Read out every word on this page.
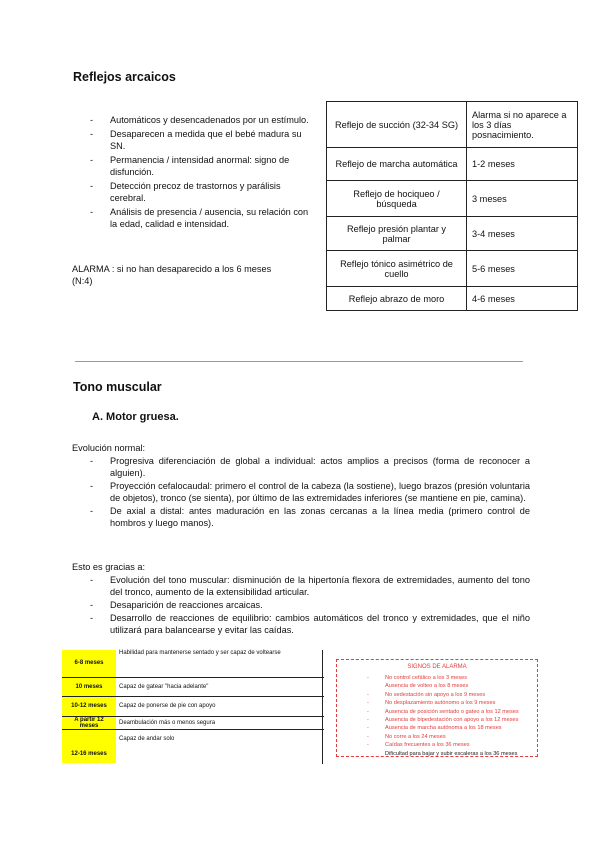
Reflejos arcaicos
- Automáticos y desencadenados por un estímulo.
- Desaparecen a medida que el bebé madura su SN.
- Permanencia / intensidad anormal: signo de disfunción.
- Detección precoz de trastornos y parálisis cerebral.
- Análisis de presencia / ausencia, su relación con la edad, calidad e intensidad.
ALARMA : si no han desaparecido a los 6 meses
(N:4)
Reflejo de succión (32-34 SG)	Alarma si no aparece a los 3 días posnacimiento.
Reflejo de marcha automática	1-2 meses
Reflejo de hociqueo / búsqueda	3 meses
Reflejo presión plantar y palmar	3-4 meses
Reflejo tónico asimétrico de cuello	5-6 meses
Reflejo abrazo de moro	4-6 meses
Tono muscular
A. Motor gruesa.
Evolución normal:
- Progresiva diferenciación de global a individual: actos amplios a precisos (forma de reconocer a alguien).
- Proyección cefalocaudal: primero el control de la cabeza (la sostiene), luego brazos (presión voluntaria de objetos), tronco (se sienta), por último de las extremidades inferiores (se mantiene en pie, camina).
- De axial a distal: antes maduración en las zonas cercanas a la línea media (primero control de hombros y luego manos).
Esto es gracias a:
- Evolución del tono muscular: disminución de la hipertonía flexora de extremidades, aumento del tono del tronco, aumento de la extensibilidad articular.
- Desaparición de reacciones arcaicas.
- Desarrollo de reacciones de equilibrio: cambios automáticos del tronco y extremidades, que el niño utilizará para balancearse y evitar las caídas.
6-8 meses	Habilidad para mantenerse sentado y ser capaz de voltearse
10 meses	Capaz de gatear "hacia adelante"
10-12 meses	Capaz de ponerse de pie con apoyo
A partir 12 meses	Deambulación más o menos segura
12-16 meses	Capaz de andar solo
SIGNOS DE ALARMA
- No control cefálico a los 3 meses
Ausencia de volteo a los 8 meses
- No sedestación sin apoyo a los 9 meses
- No desplazamiento autónomo a los 9 meses
- Ausencia de posición sentado o gateo a los 12 meses
- Ausencia de bipedestación con apoyo a los 12 meses
- Ausencia de marcha autónoma a los 18 meses
- No corre a los 24 meses
- Caídas frecuentes a los 36 meses
Dificultad para bajar y subir escaleras a los 36 meses
